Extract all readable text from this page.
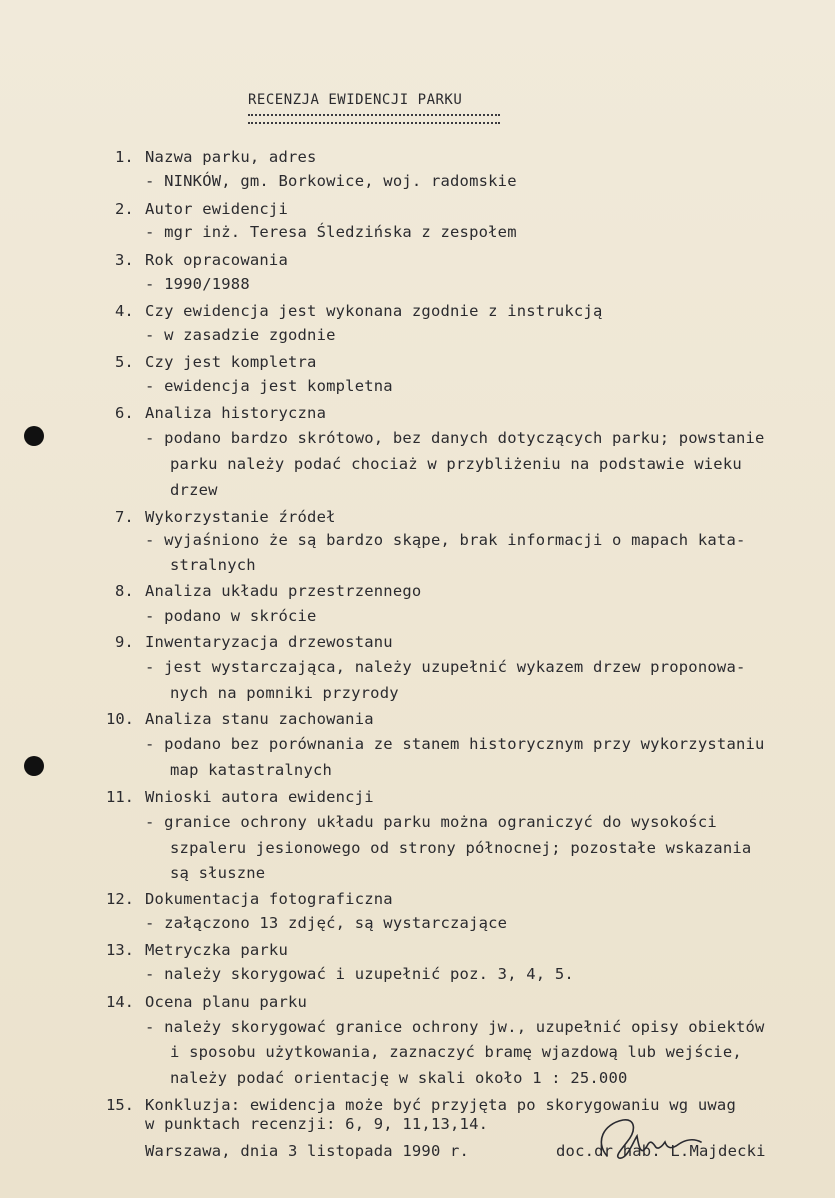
RECENZJA EWIDENCJI PARKU
1. Nazwa parku, adres
- NINKÓW, gm. Borkowice, woj. radomskie
2. Autor ewidencji
- mgr inż. Teresa Śledzińska z zespołem
3. Rok opracowania
- 1990/1988
4. Czy ewidencja jest wykonana zgodnie z instrukcją
- w zasadzie zgodnie
5. Czy jest kompletra
- ewidencja jest kompletna
6. Analiza historyczna
- podano bardzo skrótowo, bez danych dotyczących parku; powstanie
parku należy podać chociaż w przybliżeniu na podstawie wieku
drzew
7. Wykorzystanie źródeł
- wyjaśniono że są bardzo skąpe, brak informacji o mapach kata-
stralnych
8. Analiza układu przestrzennego
- podano w skrócie
9. Inwentaryzacja drzewostanu
- jest wystarczająca, należy uzupełnić wykazem drzew proponowa-
nych na pomniki przyrody
10. Analiza stanu zachowania
- podano bez porównania ze stanem historycznym przy wykorzystaniu
map katastralnych
11. Wnioski autora ewidencji
- granice ochrony układu parku można ograniczyć do wysokości
szpaleru jesionowego od strony północnej; pozostałe wskazania
są słuszne
12. Dokumentacja fotograficzna
- załączono 13 zdjęć, są wystarczające
13. Metryczka parku
- należy skorygować i uzupełnić poz. 3, 4, 5.
14. Ocena planu parku
- należy skorygować granice ochrony jw., uzupełnić opisy obiektów
i sposobu użytkowania, zaznaczyć bramę wjazdową lub wejście,
należy podać orientację w skali około 1 : 25.000
15. Konkluzja: ewidencja może być przyjęta po skorygowaniu wg uwag
w punktach recenzji: 6, 9, 11,13,14.
Warszawa, dnia 3 listopada 1990 r.	doc.dr hab. L.Majdecki
